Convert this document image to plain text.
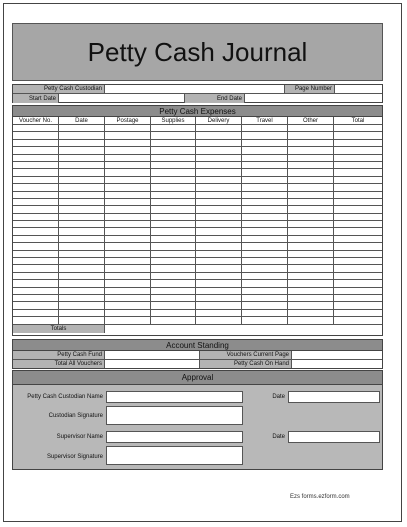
Petty Cash Journal
Petty Cash Custodian	Page Number
Start Date	End Date
Petty Cash Expenses
Voucher No.	Date	Postage	Supplies	Delivery	Travel	Other	Total
Totals
Account Standing
Petty Cash Fund	Vouchers Current Page
Total All Vouchers	Petty Cash On Hand
Approval
Petty Cash Custodian Name	Date
Custodian Signature
Supervisor Name	Date
Supervisor Signature
Ezs forms.ezform.com
